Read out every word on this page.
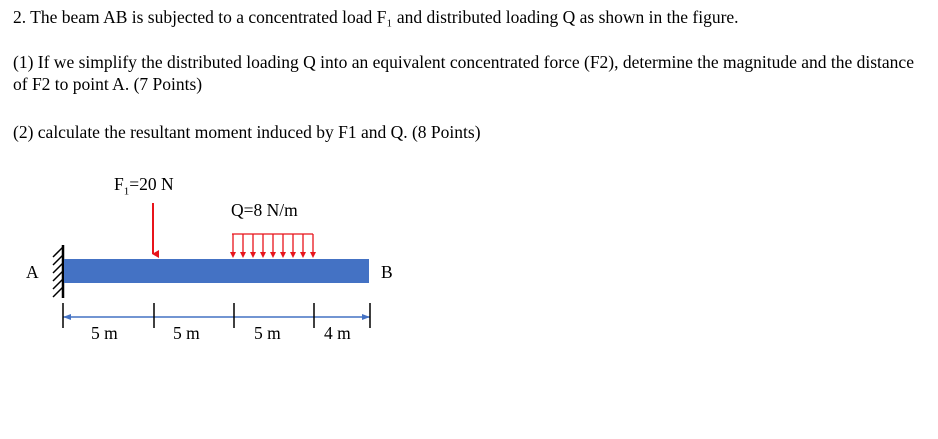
2. The beam AB is subjected to a concentrated load F₁ and distributed loading Q as shown in the figure.

(1) If we simplify the distributed loading Q into an equivalent concentrated force (F2), determine the magnitude and the distance of F2 to point A. (7 Points)

(2) calculate the resultant moment induced by F1 and Q. (8 Points)

$F_1=20$ N
Q=8 N/m
A	B
5 m	5 m	5 m 4 m
